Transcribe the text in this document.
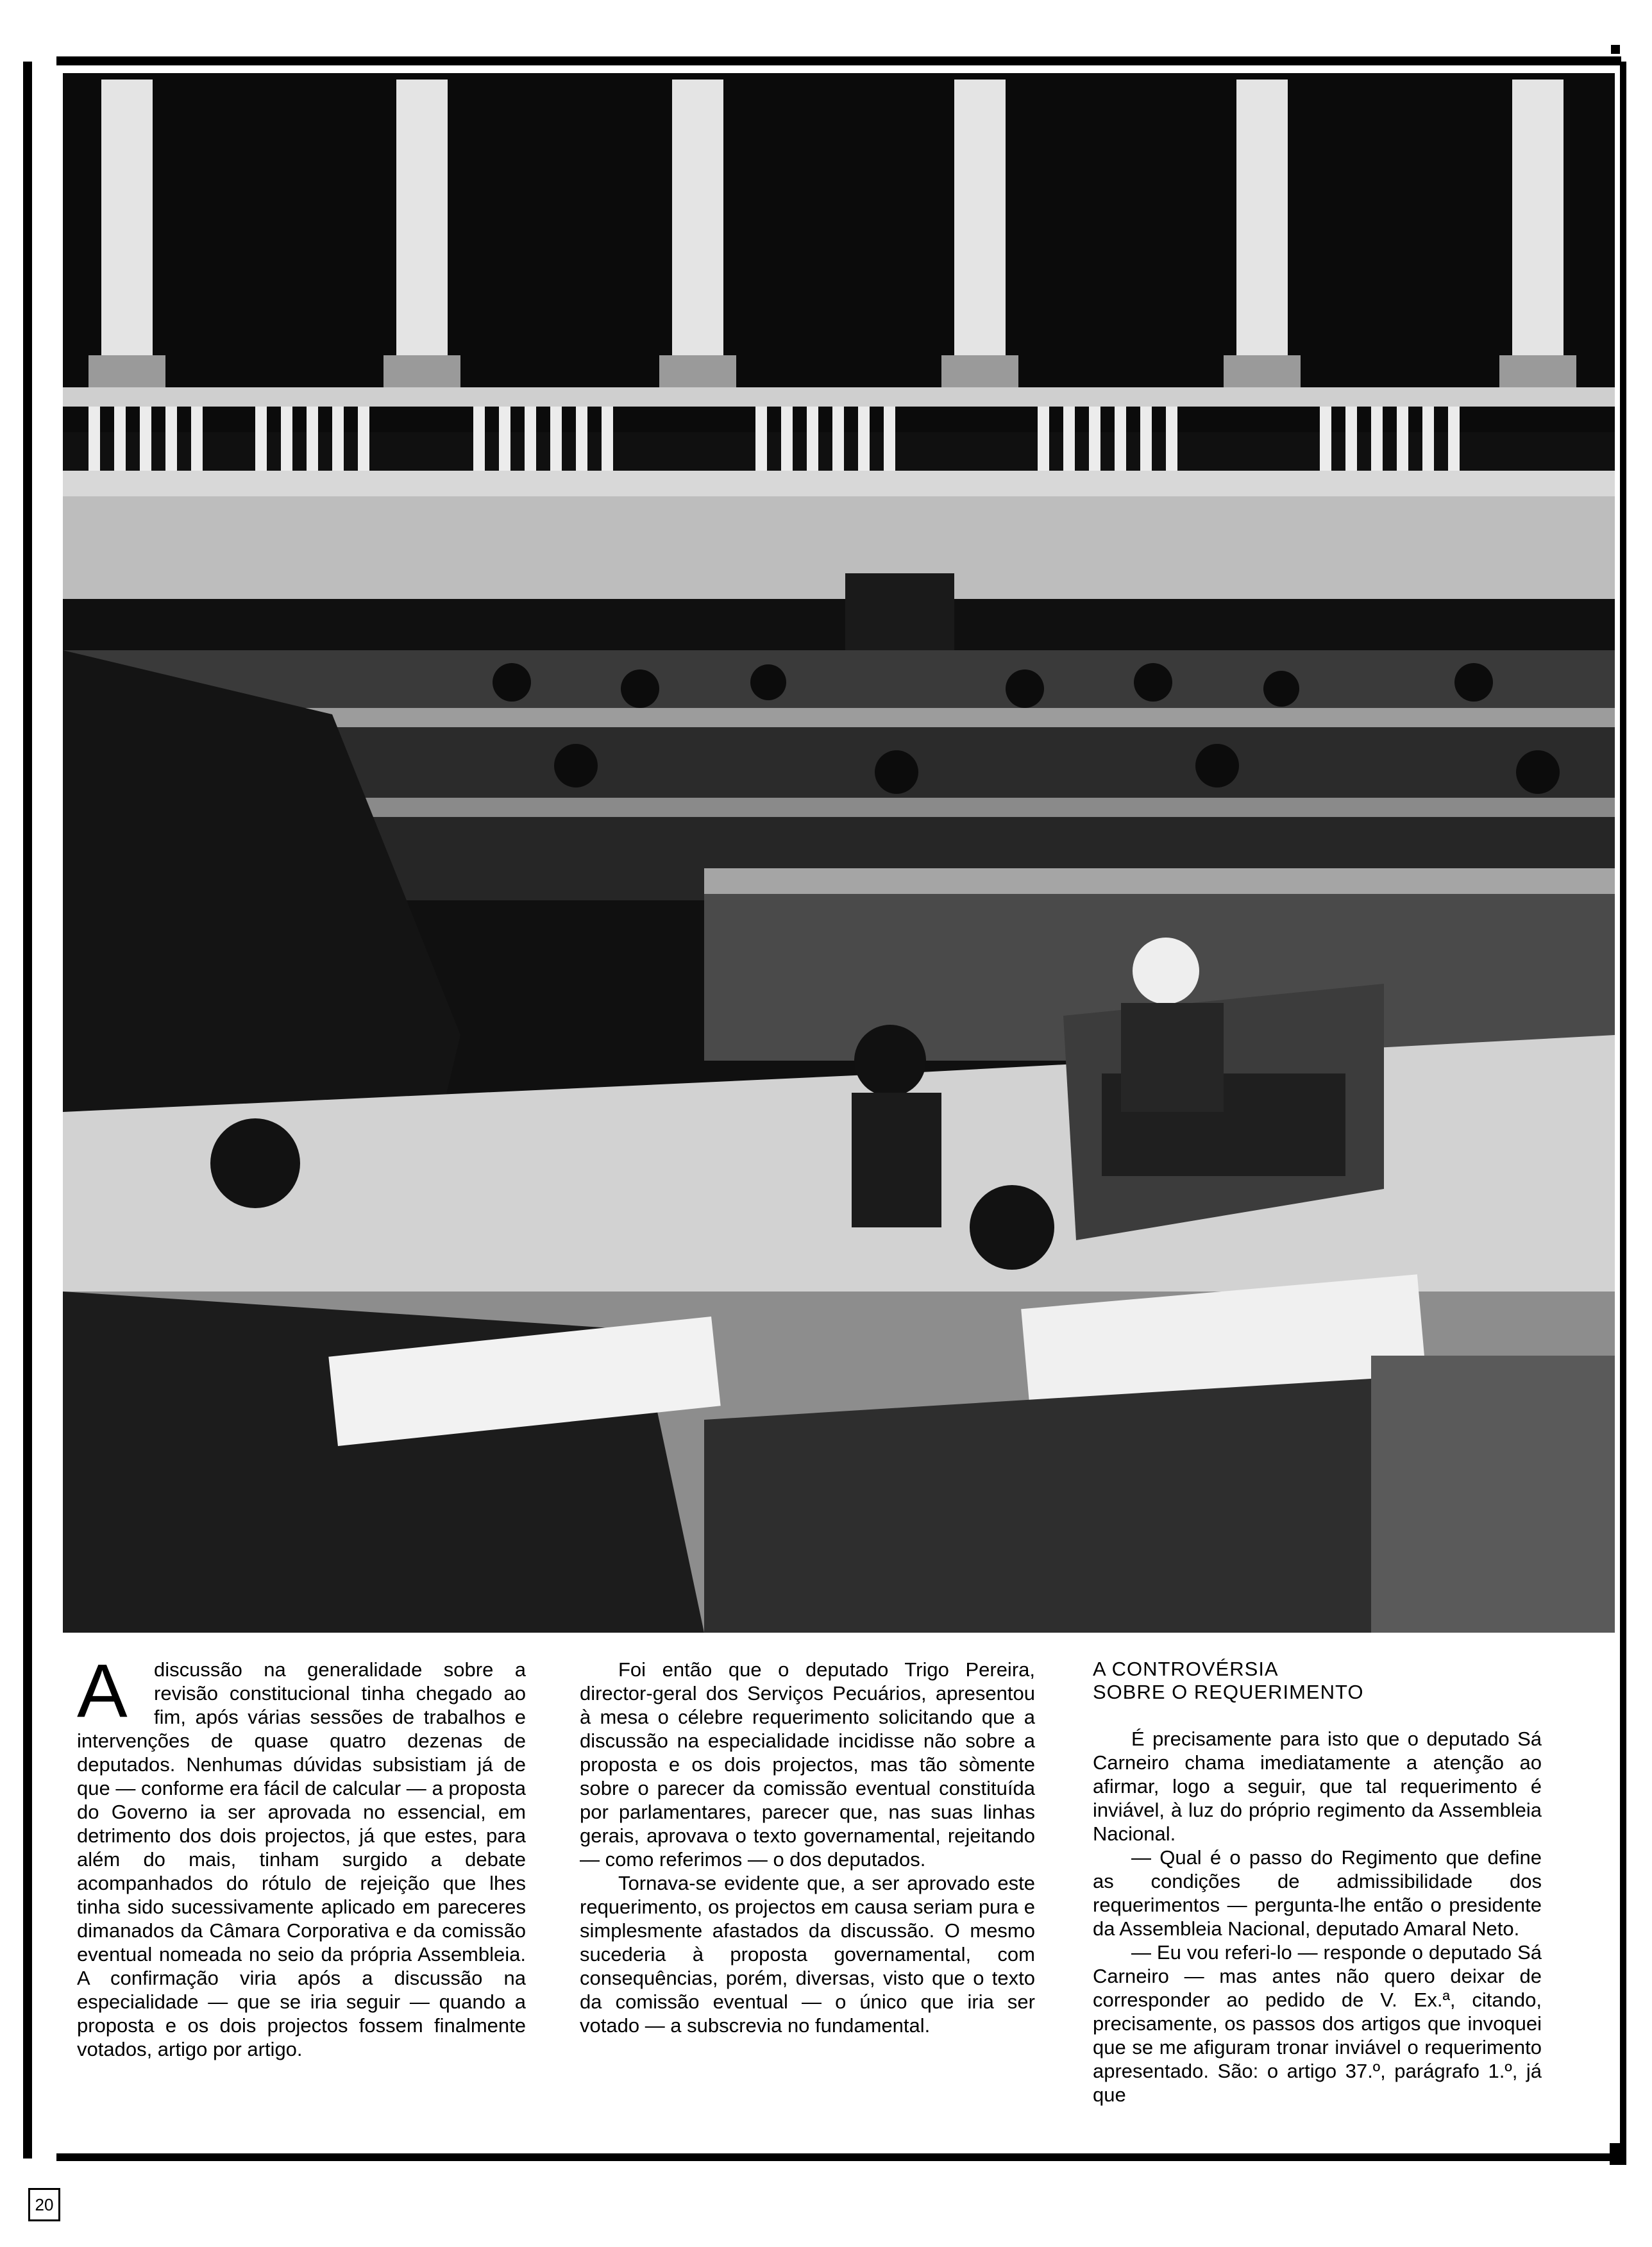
A	discussão na generalidade sobre a revisão constitucional tinha chegado ao fim, após várias sessões de trabalhos e intervenções de quase quatro dezenas de deputados. Nenhumas dúvidas subsistiam já de que — conforme era fácil de calcular — a proposta do Governo ia ser aprovada no essencial, em detrimento dos dois projectos, já que estes, para além do mais, tinham surgido a debate acompanhados do rótulo de rejeição que lhes tinha sido sucessivamente aplicado em pareceres dimanados da Câmara Corporativa e da comissão eventual nomeada no seio da própria Assembleia. A confirmação viria após a discussão na especialidade — que se iria seguir — quando a proposta e os dois projectos fossem finalmente votados, artigo por artigo.

Foi então que o deputado Trigo Pereira, director-geral dos Serviços Pecuários, apresentou à mesa o célebre requerimento solicitando que a discussão na especialidade incidisse não sobre a proposta e os dois projectos, mas tão sòmente sobre o parecer da comissão eventual constituída por parlamentares, parecer que, nas suas linhas gerais, aprovava o texto governamental, rejeitando — como referimos — o dos deputados.

Tornava-se evidente que, a ser aprovado este requerimento, os projectos em causa seriam pura e simplesmente afastados da discussão. O mesmo sucederia à proposta governamental, com consequências, porém, diversas, visto que o texto da comissão eventual — o único que iria ser votado — a subscrevia no fundamental.

A CONTROVÉRSIA
SOBRE O REQUERIMENTO

É precisamente para isto que o deputado Sá Carneiro chama imediatamente a atenção ao afirmar, logo a seguir, que tal requerimento é inviável, à luz do próprio regimento da Assembleia Nacional.

— Qual é o passo do Regimento que define as condições de admissibilidade dos requerimentos — pergunta-lhe então o presidente da Assembleia Nacional, deputado Amaral Neto.

— Eu vou referi-lo — responde o deputado Sá Carneiro — mas antes não quero deixar de corresponder ao pedido de V. Ex.ª, citando, precisamente, os passos dos artigos que invoquei que se me afiguram tronar inviável o requerimento apresentado. São: o artigo 37.º, parágrafo 1.º, já que

20
